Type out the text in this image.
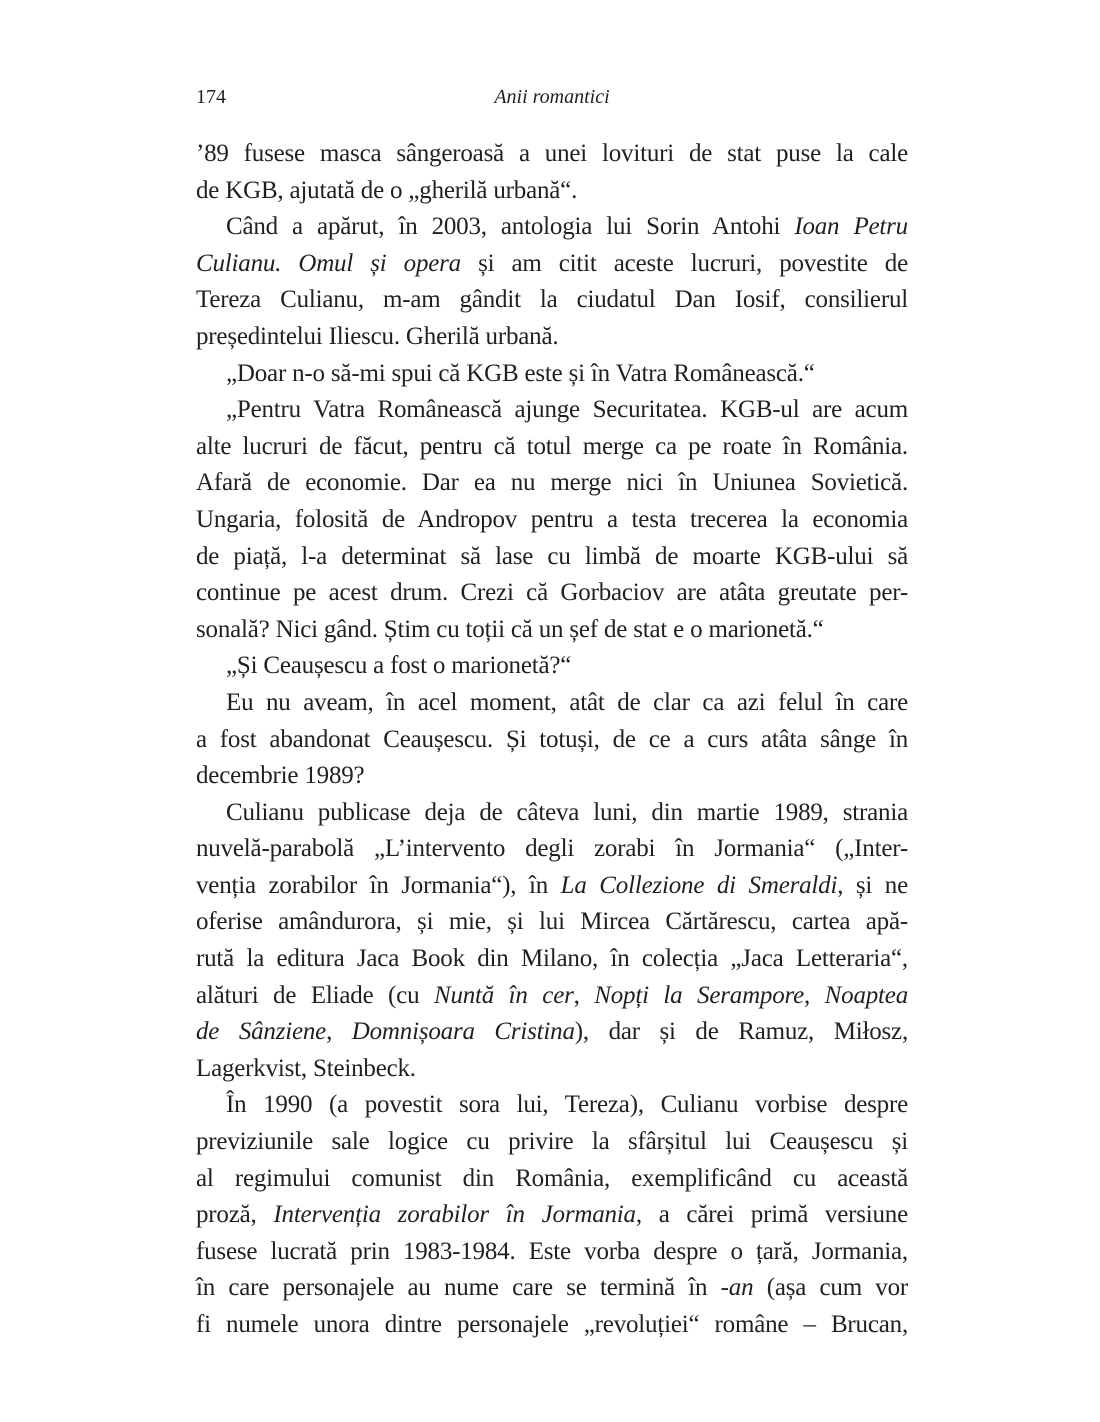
174	Anii romantici
’89 fusese masca sângeroasă a unei lovituri de stat puse la cale
de KGB, ajutată de o „gherilă urbană“.
Când a apărut, în 2003, antologia lui Sorin Antohi Ioan Petru
Culianu. Omul și opera și am citit aceste lucruri, povestite de
Tereza Culianu, m-am gândit la ciudatul Dan Iosif, consilierul
președintelui Iliescu. Gherilă urbană.
„Doar n-o să-mi spui că KGB este și în Vatra Românească.“
„Pentru Vatra Românească ajunge Securitatea. KGB-ul are acum
alte lucruri de făcut, pentru că totul merge ca pe roate în România.
Afară de economie. Dar ea nu merge nici în Uniunea Sovietică.
Ungaria, folosită de Andropov pentru a testa trecerea la economia
de piață, l-a determinat să lase cu limbă de moarte KGB-ului să
continue pe acest drum. Crezi că Gorbaciov are atâta greutate per-
sonală? Nici gând. Știm cu toții că un șef de stat e o marionetă.“
„Și Ceaușescu a fost o marionetă?“
Eu nu aveam, în acel moment, atât de clar ca azi felul în care
a fost abandonat Ceaușescu. Și totuși, de ce a curs atâta sânge în
decembrie 1989?
Culianu publicase deja de câteva luni, din martie 1989, strania
nuvelă-parabolă „L’intervento degli zorabi în Jormania“ („Inter-
venția zorabilor în Jormania“), în La Collezione di Smeraldi, și ne
oferise amândurora, și mie, și lui Mircea Cărtărescu, cartea apă-
rută la editura Jaca Book din Milano, în colecția „Jaca Letteraria“,
alături de Eliade (cu Nuntă în cer, Nopți la Serampore, Noaptea
de Sânziene, Domnișoara Cristina), dar și de Ramuz, Miłosz,
Lagerkvist, Steinbeck.
În 1990 (a povestit sora lui, Tereza), Culianu vorbise despre
previziunile sale logice cu privire la sfârșitul lui Ceaușescu și
al regimului comunist din România, exemplificând cu această
proză, Intervenția zorabilor în Jormania, a cărei primă versiune
fusese lucrată prin 1983-1984. Este vorba despre o țară, Jormania,
în care personajele au nume care se termină în -an (așa cum vor
fi numele unora dintre personajele „revoluției“ române – Brucan,
